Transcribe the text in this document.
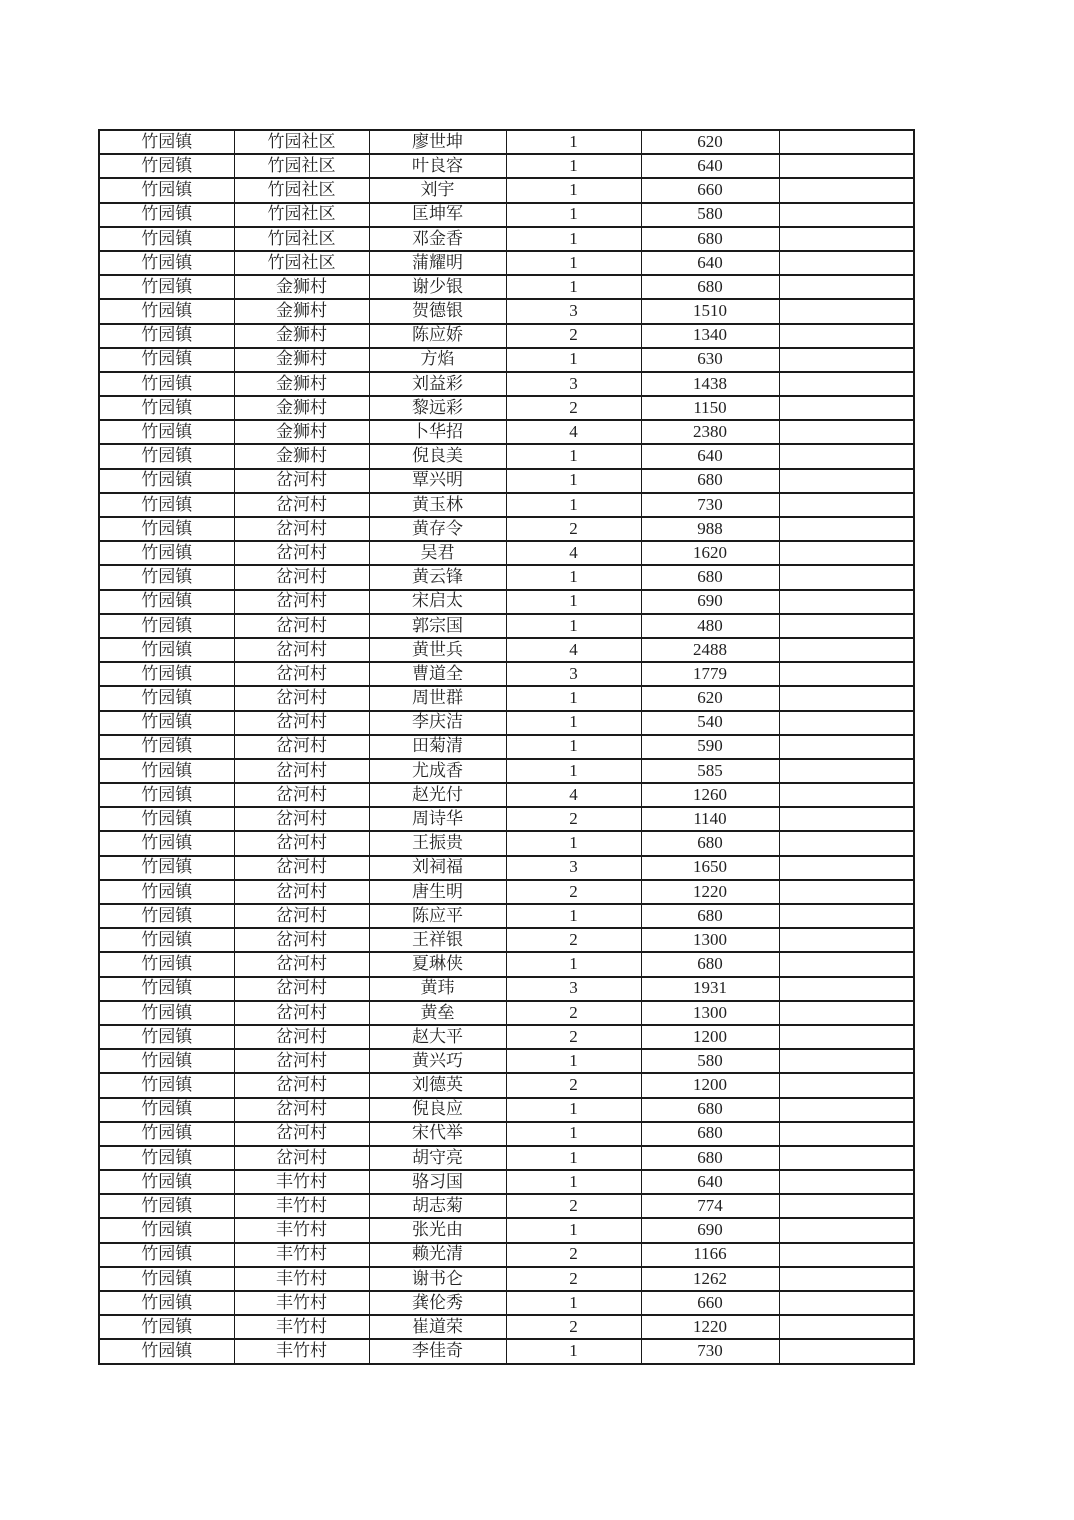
竹园镇	竹园社区	廖世坤	1	620	
竹园镇	竹园社区	叶良容	1	640	
竹园镇	竹园社区	刘宇	1	660	
竹园镇	竹园社区	匡坤军	1	580	
竹园镇	竹园社区	邓金香	1	680	
竹园镇	竹园社区	蒲耀明	1	640	
竹园镇	金狮村	谢少银	1	680	
竹园镇	金狮村	贺德银	3	1510	
竹园镇	金狮村	陈应娇	2	1340	
竹园镇	金狮村	方焰	1	630	
竹园镇	金狮村	刘益彩	3	1438	
竹园镇	金狮村	黎远彩	2	1150	
竹园镇	金狮村	卜华招	4	2380	
竹园镇	金狮村	倪良美	1	640	
竹园镇	岔河村	覃兴明	1	680	
竹园镇	岔河村	黄玉林	1	730	
竹园镇	岔河村	黄存令	2	988	
竹园镇	岔河村	吴君	4	1620	
竹园镇	岔河村	黄云锋	1	680	
竹园镇	岔河村	宋启太	1	690	
竹园镇	岔河村	郭宗国	1	480	
竹园镇	岔河村	黄世兵	4	2488	
竹园镇	岔河村	曹道全	3	1779	
竹园镇	岔河村	周世群	1	620	
竹园镇	岔河村	李庆洁	1	540	
竹园镇	岔河村	田菊清	1	590	
竹园镇	岔河村	尤成香	1	585	
竹园镇	岔河村	赵光付	4	1260	
竹园镇	岔河村	周诗华	2	1140	
竹园镇	岔河村	王振贵	1	680	
竹园镇	岔河村	刘祠福	3	1650	
竹园镇	岔河村	唐生明	2	1220	
竹园镇	岔河村	陈应平	1	680	
竹园镇	岔河村	王祥银	2	1300	
竹园镇	岔河村	夏琳侠	1	680	
竹园镇	岔河村	黄玮	3	1931	
竹园镇	岔河村	黄垒	2	1300	
竹园镇	岔河村	赵大平	2	1200	
竹园镇	岔河村	黄兴巧	1	580	
竹园镇	岔河村	刘德英	2	1200	
竹园镇	岔河村	倪良应	1	680	
竹园镇	岔河村	宋代举	1	680	
竹园镇	岔河村	胡守亮	1	680	
竹园镇	丰竹村	骆习国	1	640	
竹园镇	丰竹村	胡志菊	2	774	
竹园镇	丰竹村	张光由	1	690	
竹园镇	丰竹村	赖光清	2	1166	
竹园镇	丰竹村	谢书仑	2	1262	
竹园镇	丰竹村	龚伦秀	1	660	
竹园镇	丰竹村	崔道荣	2	1220	
竹园镇	丰竹村	李佳奇	1	730	
